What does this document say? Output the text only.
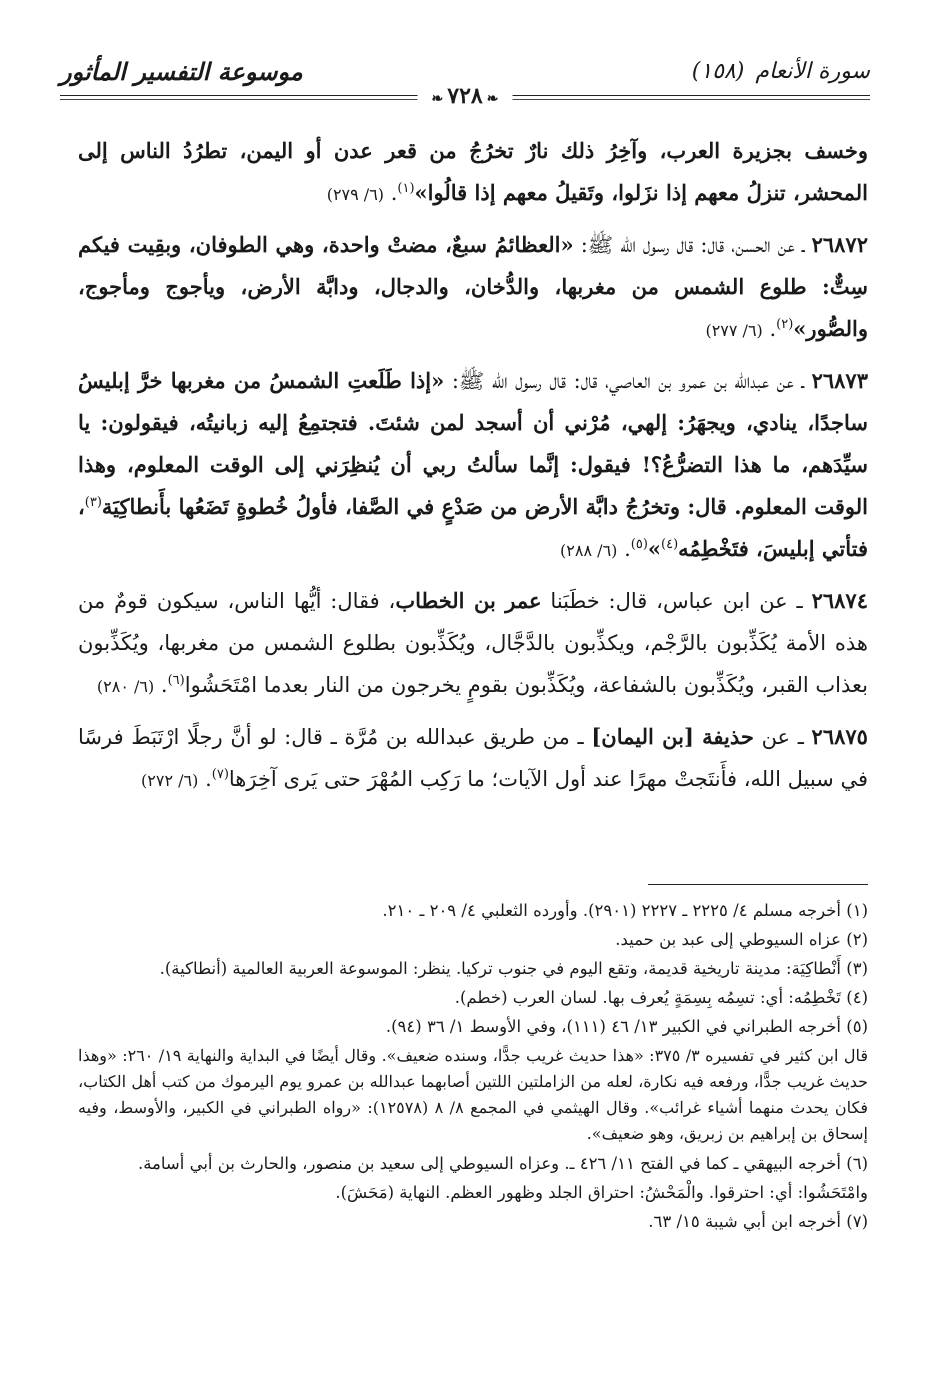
سورة الأنعام (١٥٨)
موسوعة التفسير المأثور
❧٧٢٨❧

وخسف بجزيرة العرب، وآخِرُ ذلك نارٌ تخرُجُ من قعر عدن أو اليمن، تطرُدُ الناس إلى المحشر، تنزلُ معهم إذا نزَلوا، وتَقيلُ معهم إذا قالُوا»$^{(١)}$. (٦/ ٢٧٩)

٢٦٨٧٢ ـ عن الحسن، قال: قال رسول الله ﷺ: «العظائمُ سبعٌ، مضتْ واحدة، وهي الطوفان، وبقِيت فيكم سِتٌّ: طلوع الشمس من مغربها، والدُّخان، والدجال، ودابَّة الأرض، ويأجوج ومأجوج، والصُّور»$^{(٢)}$. (٦/ ٢٧٧)

٢٦٨٧٣ ـ عن عبدالله بن عمرو بن العاصي، قال: قال رسول الله ﷺ: «إذا طَلَعتِ الشمسُ من مغربها خرَّ إبليسُ ساجدًا، ينادي، ويجهَرُ: إلهي، مُرْني أن أسجد لمن شئتَ. فتجتمِعُ إليه زبانيتُه، فيقولون: يا سيِّدَهم، ما هذا التضرُّعُ؟! فيقول: إنَّما سألتُ ربي أن يُنظِرَني إلى الوقت المعلوم، وهذا الوقت المعلوم. قال: وتخرُجُ دابَّة الأرض من صَدْعٍ في الصَّفا، فأولُ خُطوةٍ تَضَعُها بأَنطاكِيَة$^{(٣)}$، فتأتي إبليسَ، فتَخْطِمُه$^{(٤)}$»$^{(٥)}$. (٦/ ٢٨٨)

٢٦٨٧٤ ـ عن ابن عباس، قال: خطَبَنا عمر بن الخطاب، فقال: أيُّها الناس، سيكون قومٌ من هذه الأمة يُكَذِّبون بالرَّجْم، ويكذِّبون بالدَّجَّال، ويُكَذِّبون بطلوع الشمس من مغربها، ويُكَذِّبون بعذاب القبر، ويُكَذِّبون بالشفاعة، ويُكَذِّبون بقومٍ يخرجون من النار بعدما امْتَحَشُوا$^{(٦)}$. (٦/ ٢٨٠)

٢٦٨٧٥ ـ عن حذيفة [بن اليمان] ـ من طريق عبدالله بن مُرَّة ـ قال: لو أنَّ رجلًا ارْتَبَطَ فرسًا في سبيل الله، فأَنتَجتْ مهرًا عند أول الآيات؛ ما رَكِب المُهْرَ حتى يَرى آخِرَها$^{(٧)}$. (٦/ ٢٧٢)

(١) أخرجه مسلم ٤/ ٢٢٢٥ ـ ٢٢٢٧ (٢٩٠١). وأورده الثعلبي ٤/ ٢٠٩ ـ ٢١٠.

(٢) عزاه السيوطي إلى عبد بن حميد.

(٣) أَنْطاكِيَة: مدينة تاريخية قديمة، وتقع اليوم في جنوب تركيا. ينظر: الموسوعة العربية العالمية (أنطاكية).

(٤) تَخْطِمُه: أي: تسِمُه بِسِمَةٍ يُعرف بها. لسان العرب (خطم).

(٥) أخرجه الطبراني في الكبير ١٣/ ٤٦ (١١١)، وفي الأوسط ١/ ٣٦ (٩٤).

قال ابن كثير في تفسيره ٣/ ٣٧٥: «هذا حديث غريب جدًّا، وسنده ضعيف». وقال أيضًا في البداية والنهاية ١٩/ ٢٦٠: «وهذا حديث غريب جدًّا، ورفعه فيه نكارة، لعله من الزاملتين اللتين أصابهما عبدالله بن عمرو يوم اليرموك من كتب أهل الكتاب، فكان يحدث منهما أشياء غرائب». وقال الهيثمي في المجمع ٨/ ٨ (١٢٥٧٨): «رواه الطبراني في الكبير، والأوسط، وفيه إسحاق بن إبراهيم بن زبريق، وهو ضعيف».

(٦) أخرجه البيهقي ـ كما في الفتح ١١/ ٤٢٦ ـ. وعزاه السيوطي إلى سعيد بن منصور، والحارث بن أبي أسامة.

وامْتَحَشُوا: أي: احترقوا. والْمَحْشُ: احتراق الجلد وظهور العظم. النهاية (مَحَشَ).

(٧) أخرجه ابن أبي شيبة ١٥/ ٦٣.
